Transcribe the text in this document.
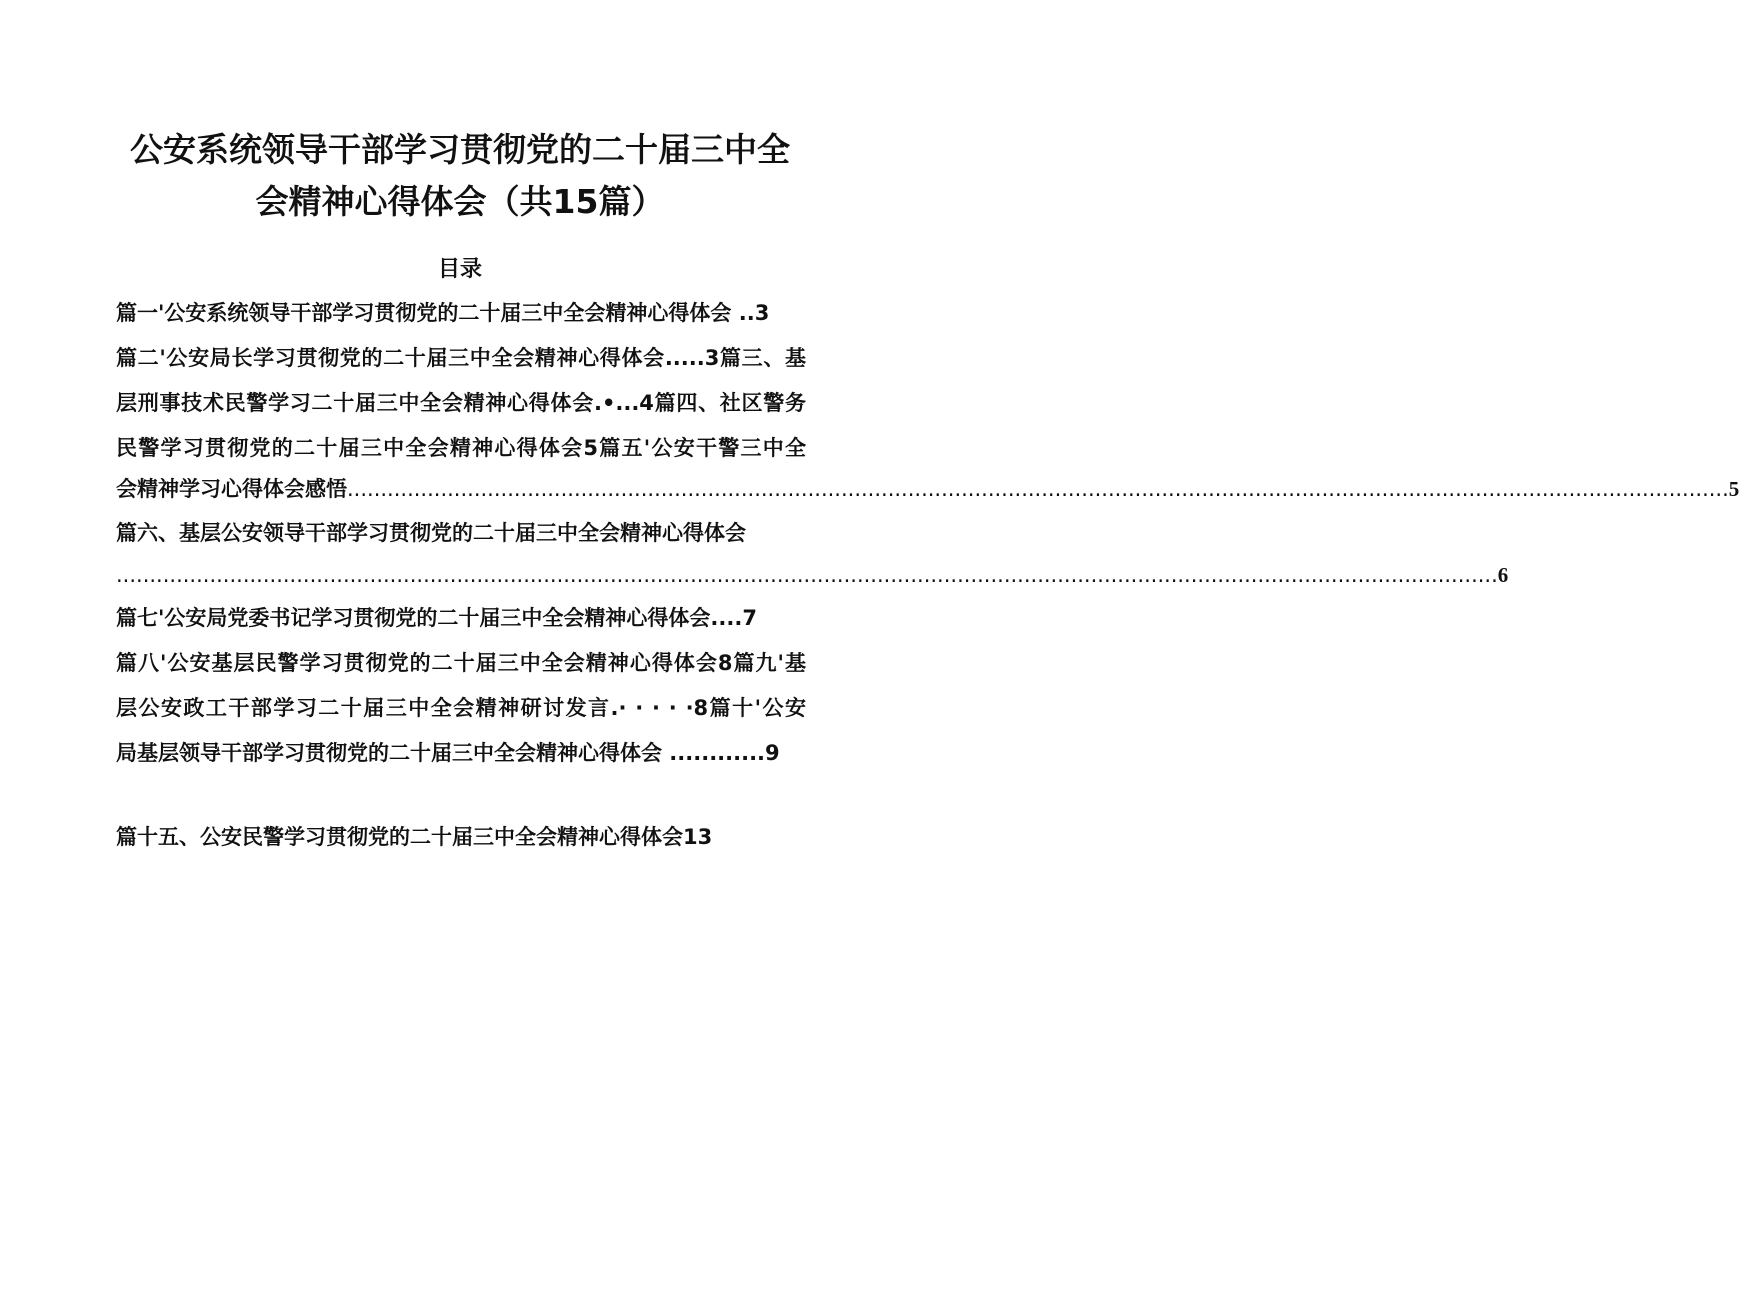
公安系统领导干部学习贯彻党的二十届三中全
会精神心得体会（共15篇）
目录
篇一'公安系统领导干部学习贯彻党的二十届三中全会精神心得体会 ..3
篇二'公安局长学习贯彻党的二十届三中全会精神心得体会.....3篇三、基
层刑事技术民警学习二十届三中全会精神心得体会.•...4篇四、社区警务
民警学习贯彻党的二十届三中全会精神心得体会5篇五'公安干警三中全
会精神学习心得体会感悟 ............................................................................................................................................................................................................... 5
篇六、基层公安领导干部学习贯彻党的二十届三中全会精神心得体会
............................................................................................................................................................................................................... 6
篇七'公安局党委书记学习贯彻党的二十届三中全会精神心得体会....7
篇八'公安基层民警学习贯彻党的二十届三中全会精神心得体会8篇九'基
层公安政工干部学习二十届三中全会精神研讨发言.· · · · ·8篇十'公安
局基层领导干部学习贯彻党的二十届三中全会精神心得体会 ............9
篇十五、公安民警学习贯彻党的二十届三中全会精神心得体会13
